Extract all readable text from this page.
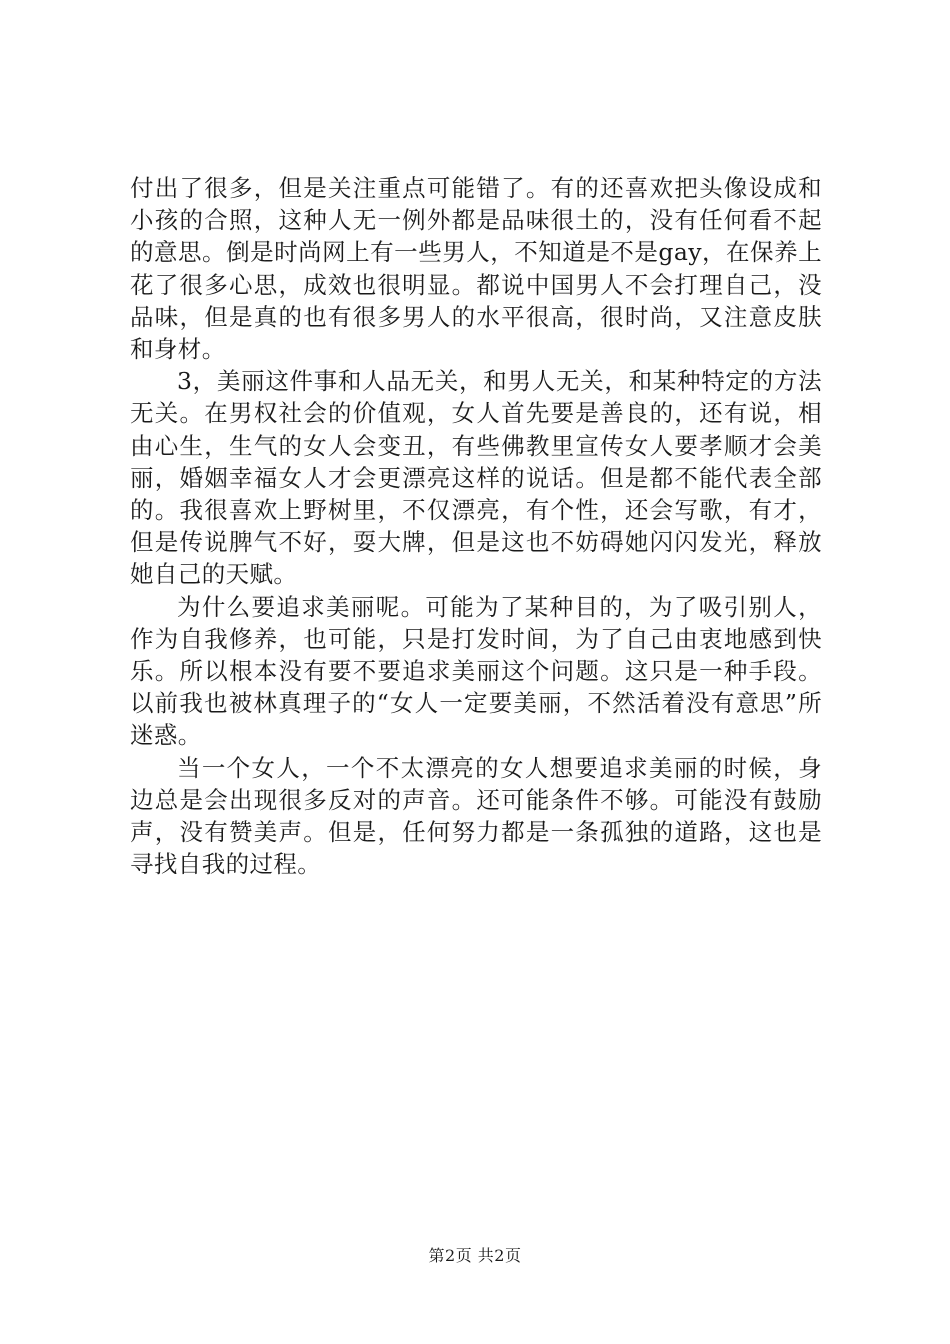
付出了很多，但是关注重点可能错了。有的还喜欢把头像设成和小孩的合照，这种人无一例外都是品味很土的，没有任何看不起的意思。倒是时尚网上有一些男人，不知道是不是gay，在保养上花了很多心思，成效也很明显。都说中国男人不会打理自己，没品味，但是真的也有很多男人的水平很高，很时尚，又注意皮肤和身材。

3，美丽这件事和人品无关，和男人无关，和某种特定的方法无关。在男权社会的价值观，女人首先要是善良的，还有说，相由心生，生气的女人会变丑，有些佛教里宣传女人要孝顺才会美丽，婚姻幸福女人才会更漂亮这样的说话。但是都不能代表全部的。我很喜欢上野树里，不仅漂亮，有个性，还会写歌，有才，但是传说脾气不好，耍大牌，但是这也不妨碍她闪闪发光，释放她自己的天赋。

为什么要追求美丽呢。可能为了某种目的，为了吸引别人，作为自我修养，也可能，只是打发时间，为了自己由衷地感到快乐。所以根本没有要不要追求美丽这个问题。这只是一种手段。以前我也被林真理子的“女人一定要美丽，不然活着没有意思”所迷惑。

当一个女人，一个不太漂亮的女人想要追求美丽的时候，身边总是会出现很多反对的声音。还可能条件不够。可能没有鼓励声，没有赞美声。但是，任何努力都是一条孤独的道路，这也是寻找自我的过程。

第2页 共2页
